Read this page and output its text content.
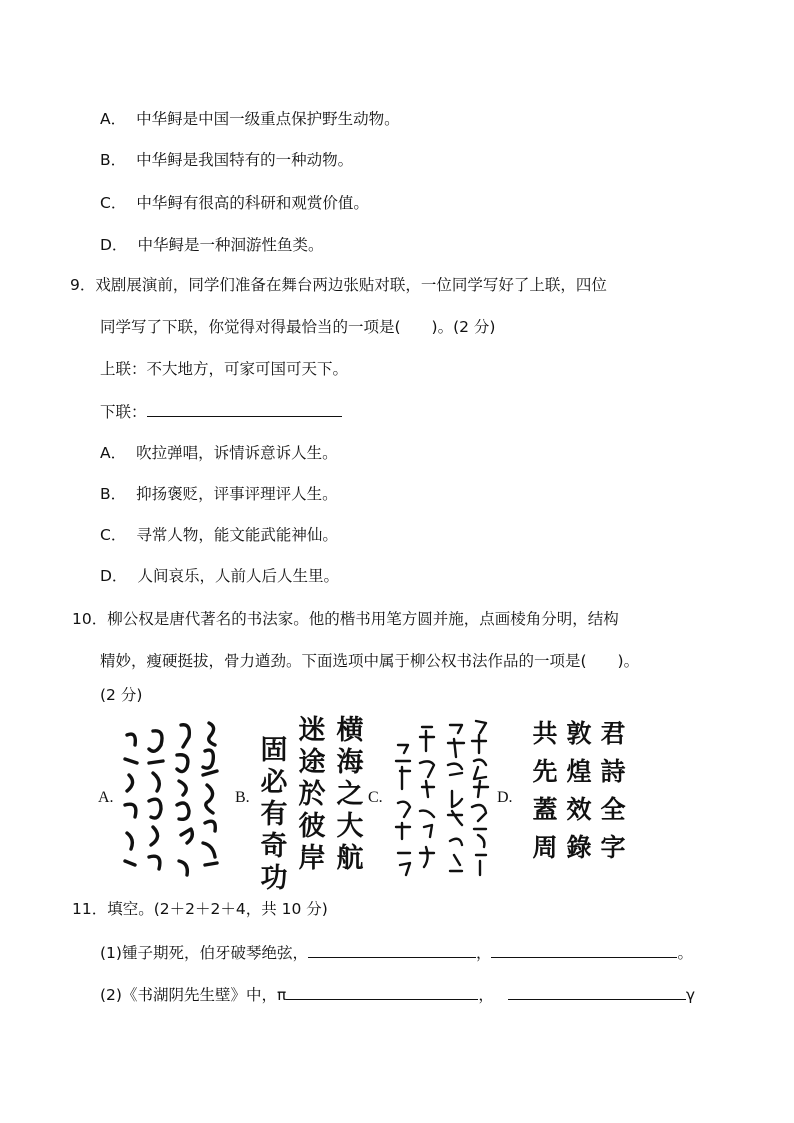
A． 中华鲟是中国一级重点保护野生动物。
B． 中华鲟是我国特有的一种动物。
C． 中华鲟有很高的科研和观赏价值。
D． 中华鲟是一种洄游性鱼类。
9．戏剧展演前，同学们准备在舞台两边张贴对联，一位同学写好了上联，四位
同学写了下联，你觉得对得最恰当的一项是(　　)。(2 分)
上联：不大地方，可家可国可天下。
下联：
A． 吹拉弹唱，诉情诉意诉人生。
B． 抑扬褒贬，评事评理评人生。
C． 寻常人物，能文能武能神仙。
D． 人间哀乐，人前人后人生里。
10．柳公权是唐代著名的书法家。他的楷书用笔方圆并施，点画棱角分明，结构
精妙，瘦硬挺拔，骨力遒劲。下面选项中属于柳公权书法作品的一项是(　　)。
(2 分)
A.	B.
横
海
之
大
航
迷
途
於
彼
岸
固
必
有
奇
功
C.	D.
君
詩
全
字
敦
煌
效
錄
共
先
蓋
周
11．填空。(2＋2＋2＋4，共 10 分)
(1)锺子期死，伯牙破琴绝弦，	，	。
(2)《书湖阴先生壁》中，π	，	γ
